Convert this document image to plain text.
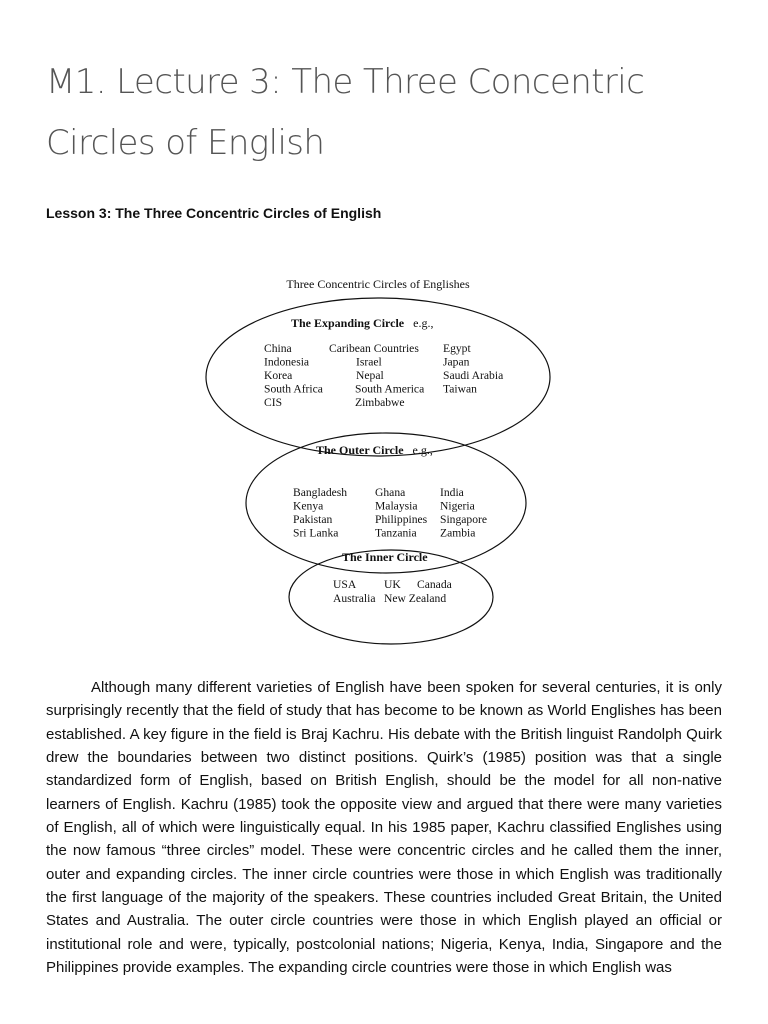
M1. Lecture 3: The Three Concentric
Circles of English
Lesson 3: The Three Concentric Circles of English
Three Concentric Circles of Englishes
The Expanding Circle e.g.,
China
Indonesia
Korea
South Africa
CIS
Caribean Countries
Israel
Nepal
South America
Zimbabwe
Egypt
Japan
Saudi Arabia
Taiwan
The Outer Circle e.g.,
Bangladesh
Kenya
Pakistan
Sri Lanka
Ghana
Malaysia
Philippines
Tanzania
India
Nigeria
Singapore
Zambia
The Inner Circle
USA
Australia
UK
New Zealand
Canada

Although many different varieties of English have been spoken for several centuries, it is only surprisingly recently that the field of study that has become to be known as World Englishes has been established. A key figure in the field is Braj Kachru. His debate with the British linguist Randolph Quirk drew the boundaries between two distinct positions. Quirk’s (1985) position was that a single standardized form of English, based on British English, should be the model for all non-native learners of English. Kachru (1985) took the opposite view and argued that there were many varieties of English, all of which were linguistically equal. In his 1985 paper, Kachru classified Englishes using the now famous “three circles” model. These were concentric circles and he called them the inner, outer and expanding circles. The inner circle countries were those in which English was traditionally the first language of the majority of the speakers. These countries included Great Britain, the United States and Australia. The outer circle countries were those in which English played an official or institutional role and were, typically, postcolonial nations; Nigeria, Kenya, India, Singapore and the Philippines provide examples. The expanding circle countries were those in which English was
